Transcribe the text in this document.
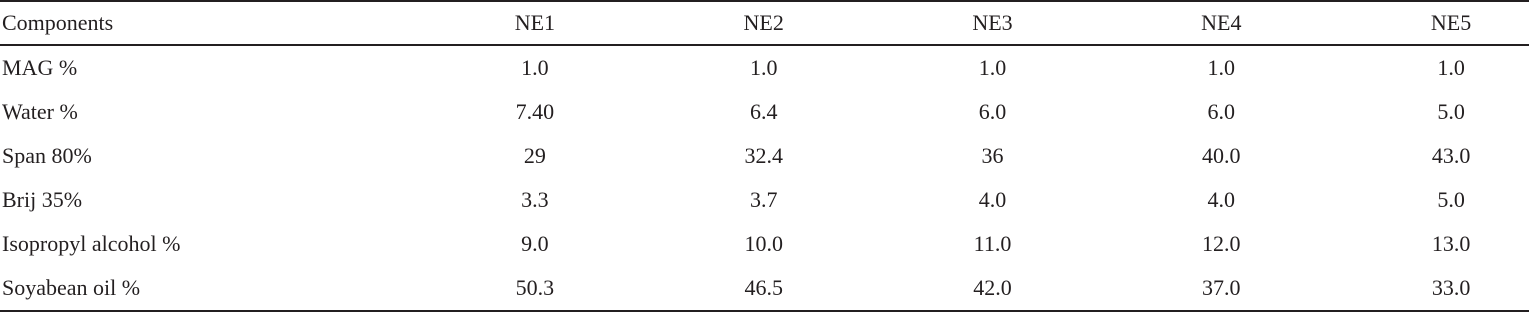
Components	NE1	NE2	NE3	NE4	NE5
MAG %	1.0	1.0	1.0	1.0	1.0
Water %	7.40	6.4	6.0	6.0	5.0
Span 80%	29	32.4	36	40.0	43.0
Brij 35%	3.3	3.7	4.0	4.0	5.0
Isopropyl alcohol %	9.0	10.0	11.0	12.0	13.0
Soyabean oil %	50.3	46.5	42.0	37.0	33.0
